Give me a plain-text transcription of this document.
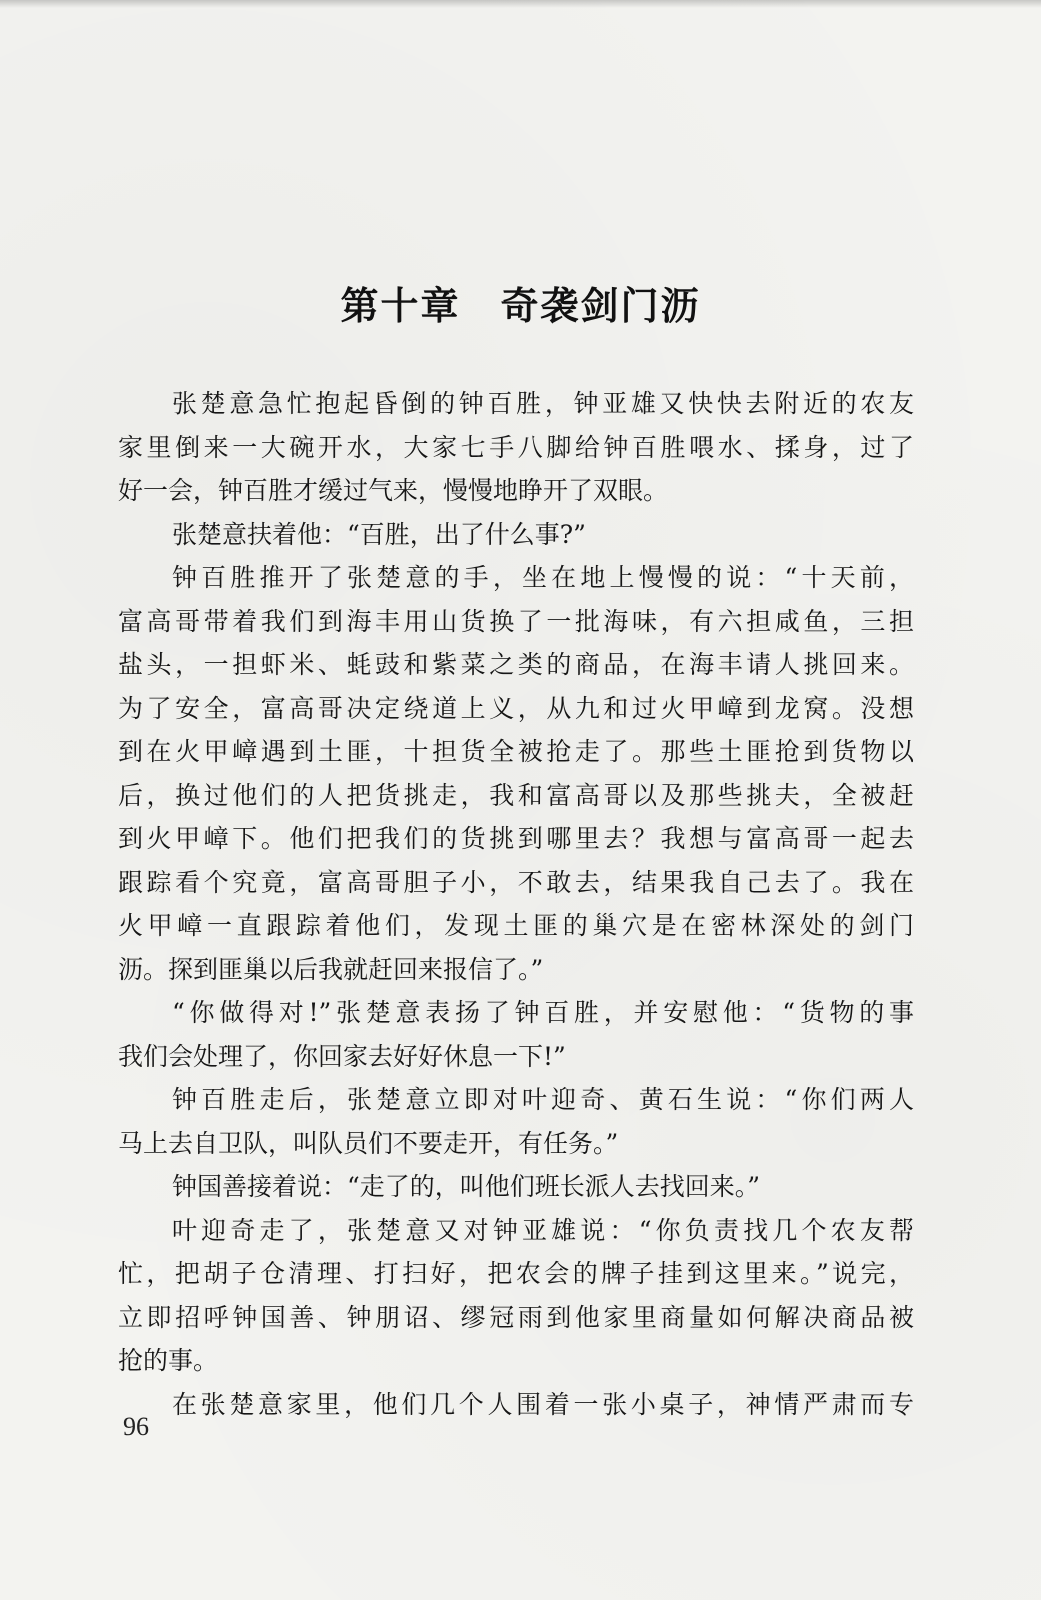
第十章　奇袭剑门沥
张楚意急忙抱起昏倒的钟百胜，钟亚雄又快快去附近的农友
家里倒来一大碗开水，大家七手八脚给钟百胜喂水、揉身，过了
好一会，钟百胜才缓过气来，慢慢地睁开了双眼。
张楚意扶着他：“百胜，出了什么事?”
钟百胜推开了张楚意的手，坐在地上慢慢的说：“十天前，
富高哥带着我们到海丰用山货换了一批海味，有六担咸鱼，三担
盐头，一担虾米、蚝豉和紫菜之类的商品，在海丰请人挑回来。
为了安全，富高哥决定绕道上义，从九和过火甲嶂到龙窝。没想
到在火甲嶂遇到土匪，十担货全被抢走了。那些土匪抢到货物以
后，换过他们的人把货挑走，我和富高哥以及那些挑夫，全被赶
到火甲嶂下。他们把我们的货挑到哪里去？我想与富高哥一起去
跟踪看个究竟，富高哥胆子小，不敢去，结果我自己去了。我在
火甲嶂一直跟踪着他们，发现土匪的巢穴是在密林深处的剑门
沥。探到匪巢以后我就赶回来报信了。”
“你做得对!”张楚意表扬了钟百胜，并安慰他：“货物的事
我们会处理了，你回家去好好休息一下!”
钟百胜走后，张楚意立即对叶迎奇、黄石生说：“你们两人
马上去自卫队，叫队员们不要走开，有任务。”
钟国善接着说：“走了的，叫他们班长派人去找回来。”
叶迎奇走了，张楚意又对钟亚雄说：“你负责找几个农友帮
忙，把胡子仓清理、打扫好，把农会的牌子挂到这里来。”说完，
立即招呼钟国善、钟朋诏、缪冠雨到他家里商量如何解决商品被
抢的事。
在张楚意家里，他们几个人围着一张小桌子，神情严肃而专
96
